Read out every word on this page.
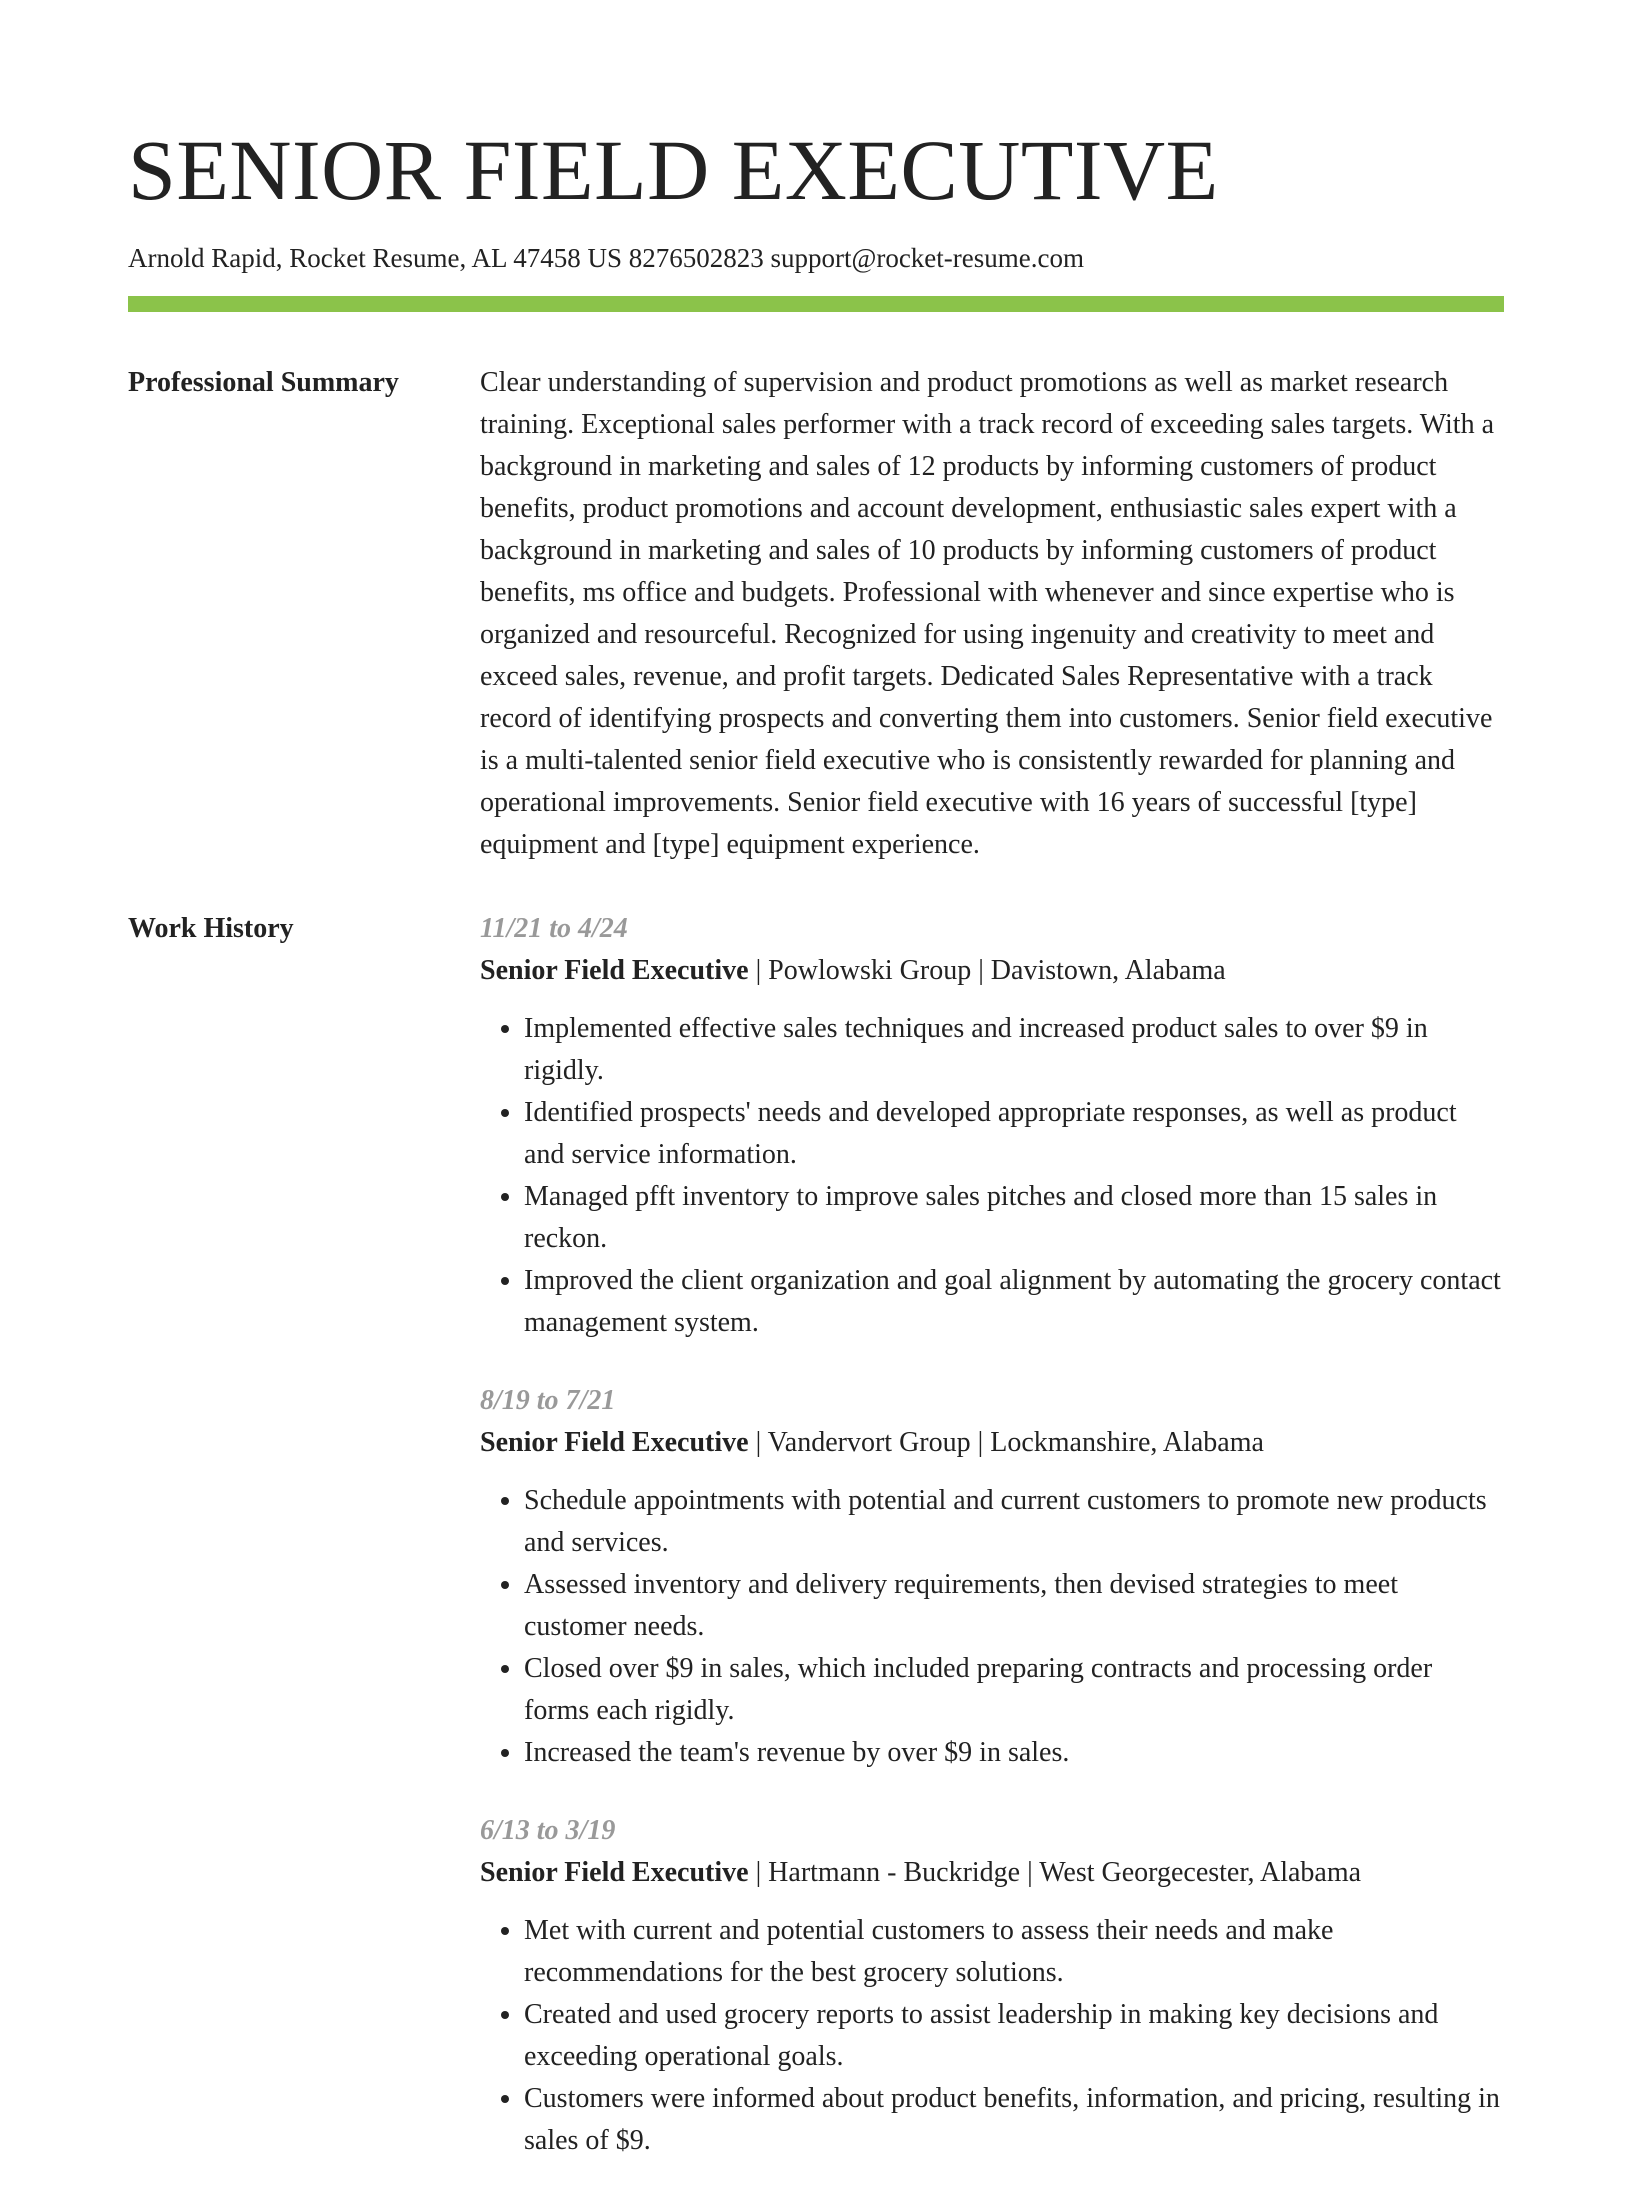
SENIOR FIELD EXECUTIVE
Arnold Rapid, Rocket Resume, AL 47458 US 8276502823 support@rocket-resume.com
Professional Summary	Clear understanding of supervision and product promotions as well as market research training. Exceptional sales performer with a track record of exceeding sales targets. With a background in marketing and sales of 12 products by informing customers of product benefits, product promotions and account development, enthusiastic sales expert with a background in marketing and sales of 10 products by informing customers of product benefits, ms office and budgets. Professional with whenever and since expertise who is organized and resourceful. Recognized for using ingenuity and creativity to meet and exceed sales, revenue, and profit targets. Dedicated Sales Representative with a track record of identifying prospects and converting them into customers. Senior field executive is a multi-talented senior field executive who is consistently rewarded for planning and operational improvements. Senior field executive with 16 years of successful [type] equipment and [type] equipment experience.

Work History	11/21 to 4/24
Senior Field Executive | Powlowski Group | Davistown, Alabama
• Implemented effective sales techniques and increased product sales to over $9 in rigidly.
• Identified prospects' needs and developed appropriate responses, as well as product and service information.
• Managed pfft inventory to improve sales pitches and closed more than 15 sales in reckon.
• Improved the client organization and goal alignment by automating the grocery contact management system.
8/19 to 7/21
Senior Field Executive | Vandervort Group | Lockmanshire, Alabama
• Schedule appointments with potential and current customers to promote new products and services.
• Assessed inventory and delivery requirements, then devised strategies to meet customer needs.
• Closed over $9 in sales, which included preparing contracts and processing order forms each rigidly.
• Increased the team's revenue by over $9 in sales.
6/13 to 3/19
Senior Field Executive | Hartmann - Buckridge | West Georgecester, Alabama
• Met with current and potential customers to assess their needs and make recommendations for the best grocery solutions.
• Created and used grocery reports to assist leadership in making key decisions and exceeding operational goals.
• Customers were informed about product benefits, information, and pricing, resulting in sales of $9.
